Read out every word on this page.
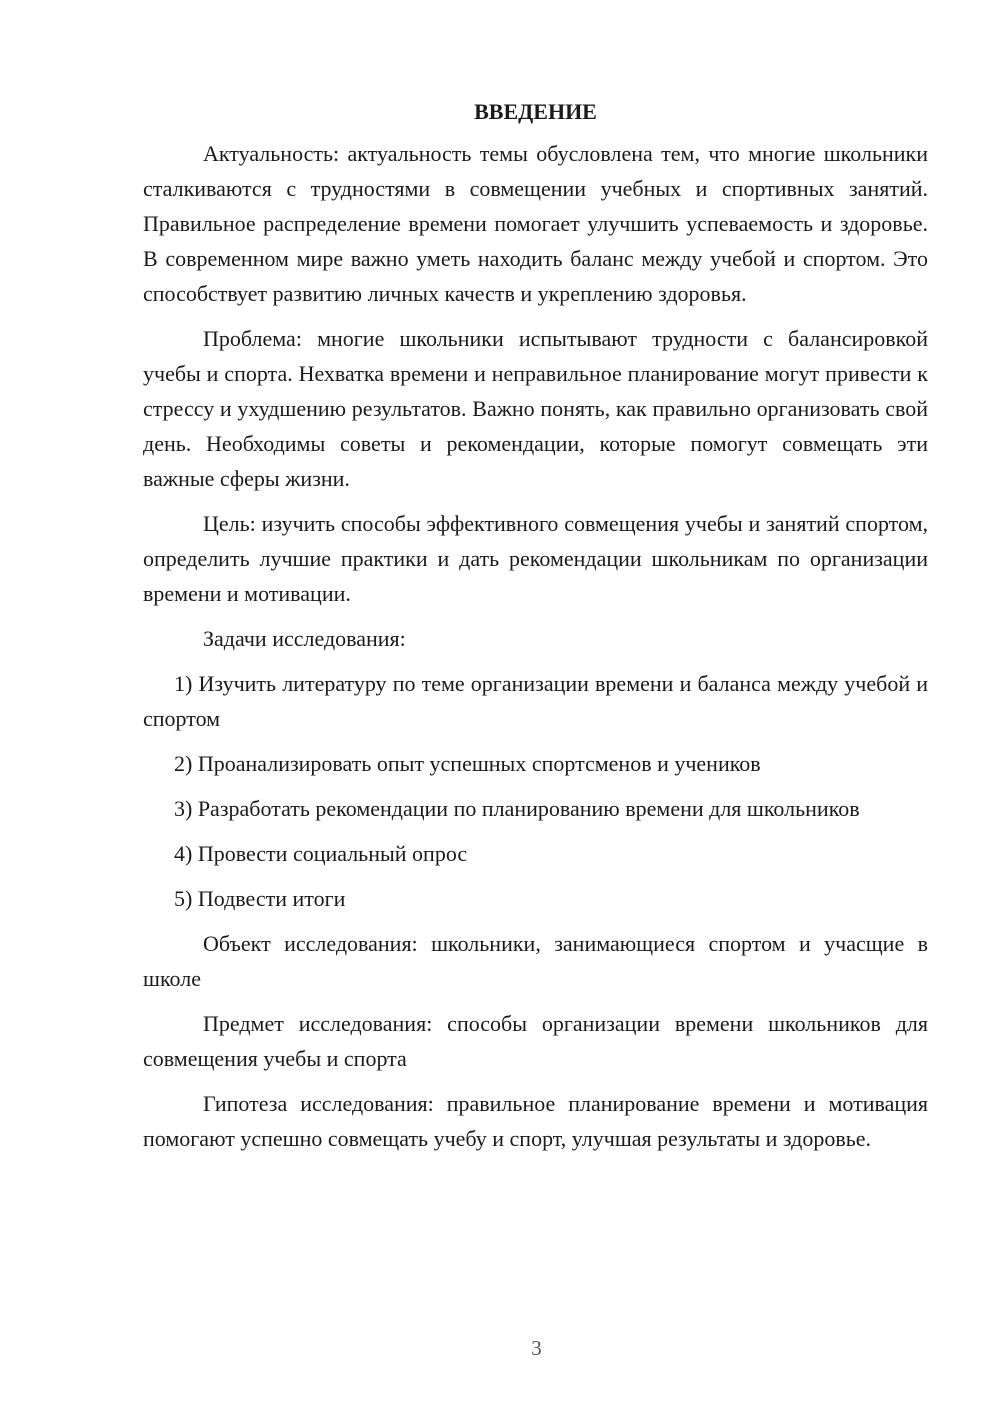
ВВЕДЕНИЕ

Актуальность: актуальность темы обусловлена тем, что многие школьники сталкиваются с трудностями в совмещении учебных и спортивных занятий. Правильное распределение времени помогает улучшить успеваемость и здоровье. В современном мире важно уметь находить баланс между учебой и спортом. Это способствует развитию личных качеств и укреплению здоровья.

Проблема: многие школьники испытывают трудности с балансировкой учебы и спорта. Нехватка времени и неправильное планирование могут привести к стрессу и ухудшению результатов. Важно понять, как правильно организовать свой день. Необходимы советы и рекомендации, которые помогут совмещать эти важные сферы жизни.

Цель: изучить способы эффективного совмещения учебы и занятий спортом, определить лучшие практики и дать рекомендации школьникам по организации времени и мотивации.

Задачи исследования:

1) Изучить литературу по теме организации времени и баланса между учебой и спортом

2) Проанализировать опыт успешных спортсменов и учеников

3) Разработать рекомендации по планированию времени для школьников

4) Провести социальный опрос

5) Подвести итоги

Объект исследования: школьники, занимающиеся спортом и учасщие в школе

Предмет исследования: способы организации времени школьников для совмещения учебы и спорта

Гипотеза исследования: правильное планирование времени и мотивация помогают успешно совмещать учебу и спорт, улучшая результаты и здоровье.

3
